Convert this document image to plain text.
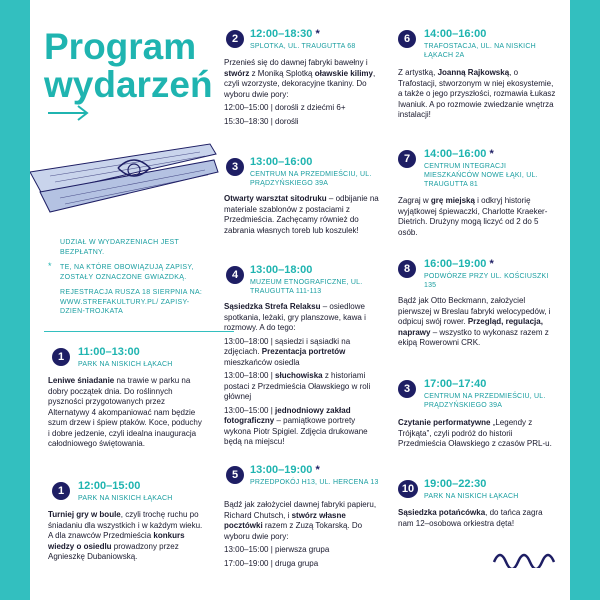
Program
wydarzeń

UDZIAŁ W WYDARZENIACH JEST BEZPŁATNY.

* TE, NA KTÓRE OBOWIĄZUJĄ ZAPISY, ZOSTAŁY OZNACZONE GWIAZDKĄ.

REJESTRACJA RUSZA 18 SIERPNIA NA: WWW.STREFAKULTURY.PL/ ZAPISY-DZIEN-TROJKATA

1	11:00–13:00
PARK NA NISKICH ŁĄKACH
Leniwe śniadanie na trawie w parku na dobry początek dnia. Do roślinnych pyszności przygotowanych przez Alternatywy 4 akompaniować nam będzie szum drzew i śpiew ptaków. Koce, poduchy i dobre jedzenie, czyli idealna inauguracja całodniowego świętowania.
1	12:00–15:00
PARK NA NISKICH ŁĄKACH
Turniej gry w boule, czyli trochę ruchu po śniadaniu dla wszystkich i w każdym wieku. A dla znawców Przedmieścia konkurs wiedzy o osiedlu prowadzony przez Agnieszkę Dubaniowską.
2	12:00–18:30 *
SPLOTKA, UL. TRAUGUTTA 68

Przenieś się do dawnej fabryki bawełny i stwórz z Moniką Splotką oławskie kilimy, czyli wzorzyste, dekoracyjne tkaniny. Do wyboru dwie pory:

12:00–15:00 | dorośli z dziećmi 6+

15:30–18:30 | dorośli

3	13:00–16:00
CENTRUM NA PRZEDMIEŚCIU, UL. PRĄDZYŃSKIEGO 39A
Otwarty warsztat sitodruku – odbijanie na materiale szablonów z postaciami z Przedmieścia. Zachęcamy również do zabrania własnych toreb lub koszulek!
4	13:00–18:00
MUZEUM ETNOGRAFICZNE, UL. TRAUGUTTA 111-113

Sąsiedzka Strefa Relaksu – osiedlowe spotkania, leżaki, gry planszowe, kawa i rozmowy. A do tego:

13:00–18:00 | sąsiedzi i sąsiadki na zdjęciach. Prezentacja portretów mieszkańców osiedla

13:00–18:00 | słuchowiska z historiami postaci z Przedmieścia Oławskiego w roli głównej

13:00–15:00 | jednodniowy zakład fotograficzny – pamiątkowe portrety wykona Piotr Spigiel. Zdjęcia drukowane będą na miejscu!

5	13:00–19:00 *
PRZEDPOKÓJ H13, UL. HERCENA 13

Bądź jak założyciel dawnej fabryki papieru, Richard Chutsch, i stwórz własne pocztówki razem z Zuzą Tokarską. Do wyboru dwie pory:

13:00–15:00 | pierwsza grupa

17:00–19:00 | druga grupa

6	14:00–16:00
TRAFOSTACJA, UL. NA NISKICH ŁĄKACH 2A
Z artystką, Joanną Rajkowską, o Trafostacji, stworzonym w niej ekosystemie, a także o jego przyszłości, rozmawia Łukasz Iwaniuk. A po rozmowie zwiedzanie wnętrza instalacji!
7	14:00–16:00 *
CENTRUM INTEGRACJI MIESZKAŃCÓW NOWE ŁĄKI, UL. TRAUGUTTA 81
Zagraj w grę miejską i odkryj historię wyjątkowej śpiewaczki, Charlotte Kraeker-Dietrich. Drużyny mogą liczyć od 2 do 5 osób.
8	16:00–19:00 *
PODWÓRZE PRZY UL. KOŚCIUSZKI 135
Bądź jak Otto Beckmann, założyciel pierwszej w Breslau fabryki welocypedów, i odpicuj swój rower. Przegląd, regulacja, naprawy – wszystko to wykonasz razem z ekipą Rowerowni CRK.
3	17:00–17:40
CENTRUM NA PRZEDMIEŚCIU, UL. PRĄDZYŃSKIEGO 39A
Czytanie performatywne „Legendy z Trójkąta”, czyli podróż do historii Przedmieścia Oławskiego z czasów PRL-u.
10 19:00–22:30
PARK NA NISKICH ŁĄKACH
Sąsiedzka potańcówka, do tańca zagra nam 12–osobowa orkiestra dęta!
